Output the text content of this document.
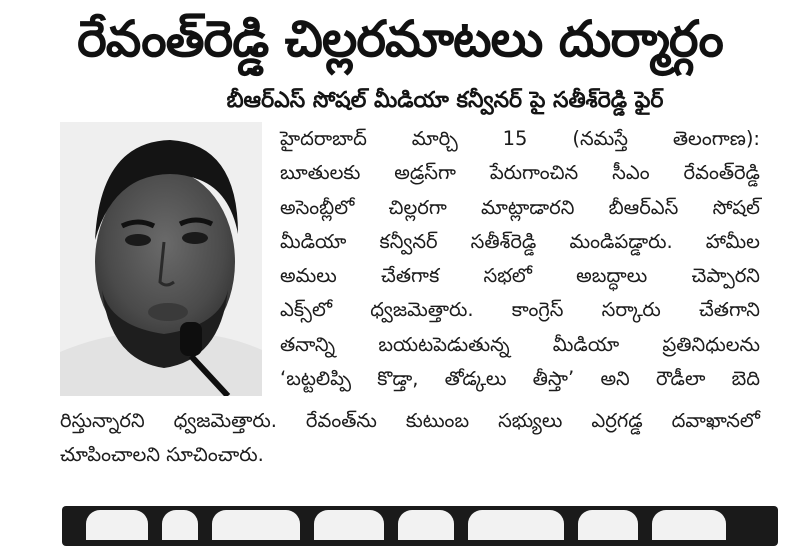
రేవంత్‌రెడ్డి చిల్లరమాటలు దుర్మార్గం
బీఆర్‌ఎస్‌ సోషల్‌ మీడియా కన్వీనర్‌ పై సతీశ్‌రెడ్డి ఫైర్‌
హైదరాబాద్‌ మార్చి 15 (నమస్తే తెలంగాణ):
బూతులకు అడ్రస్‌గా పేరుగాంచిన సీఎం రేవంత్‌రెడ్డి
అసెంబ్లీలో చిల్లరగా మాట్లాడారని బీఆర్‌ఎస్‌ సోషల్‌
మీడియా కన్వీనర్‌ సతీశ్‌రెడ్డి మండిపడ్డారు. హామీల
అమలు చేతగాక సభలో అబద్ధాలు చెప్పారని
ఎక్స్‌లో ధ్వజమెత్తారు. కాంగ్రెస్‌ సర్కారు చేతగాని
తనాన్ని బయటపెడుతున్న మీడియా ప్రతినిధులను
‘బట్టలిప్పి కొడ్తా, తోడ్కలు తీస్తా’ అని రౌడీలా బెది
రిస్తున్నారని ధ్వజమెత్తారు. రేవంత్‌ను కుటుంబ సభ్యులు ఎర్రగడ్డ దవాఖానలో
చూపించాలని సూచించారు.
